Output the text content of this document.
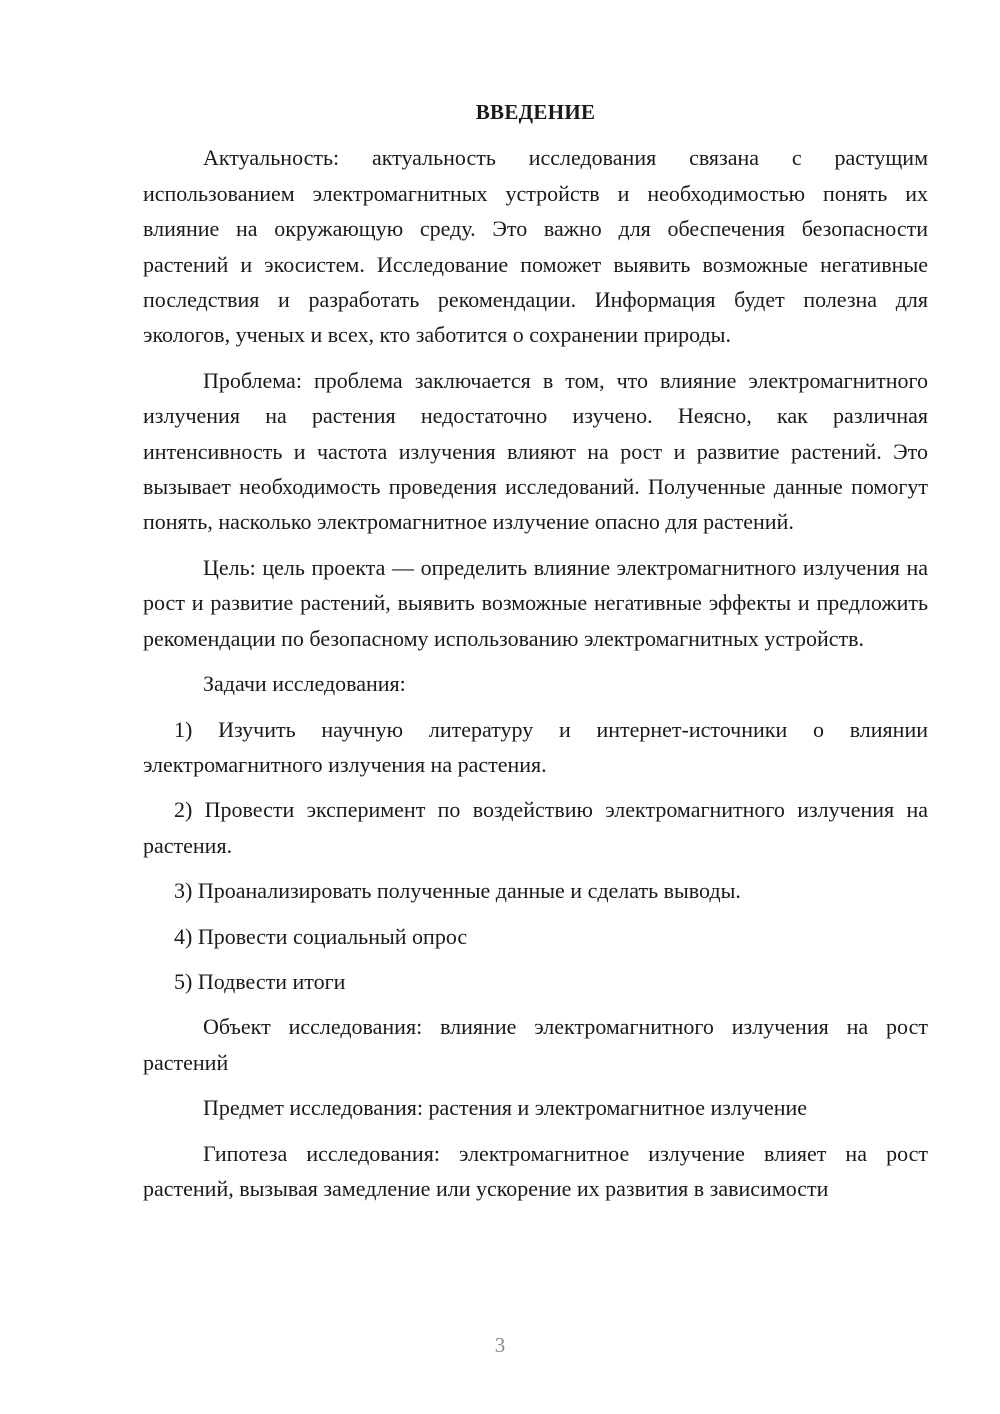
ВВЕДЕНИЕ

Актуальность: актуальность исследования связана с растущим использованием электромагнитных устройств и необходимостью понять их влияние на окружающую среду. Это важно для обеспечения безопасности растений и экосистем. Исследование поможет выявить возможные негативные последствия и разработать рекомендации. Информация будет полезна для экологов, ученых и всех, кто заботится о сохранении природы.

Проблема: проблема заключается в том, что влияние электромагнитного излучения на растения недостаточно изучено. Неясно, как различная интенсивность и частота излучения влияют на рост и развитие растений. Это вызывает необходимость проведения исследований. Полученные данные помогут понять, насколько электромагнитное излучение опасно для растений.

Цель: цель проекта — определить влияние электромагнитного излучения на рост и развитие растений, выявить возможные негативные эффекты и предложить рекомендации по безопасному использованию электромагнитных устройств.

Задачи исследования:

1) Изучить научную литературу и интернет-источники о влиянии электромагнитного излучения на растения.

2) Провести эксперимент по воздействию электромагнитного излучения на растения.

3) Проанализировать полученные данные и сделать выводы.

4) Провести социальный опрос

5) Подвести итоги

Объект исследования: влияние электромагнитного излучения на рост растений

Предмет исследования: растения и электромагнитное излучение

Гипотеза исследования: электромагнитное излучение влияет на рост растений, вызывая замедление или ускорение их развития в зависимости

3
